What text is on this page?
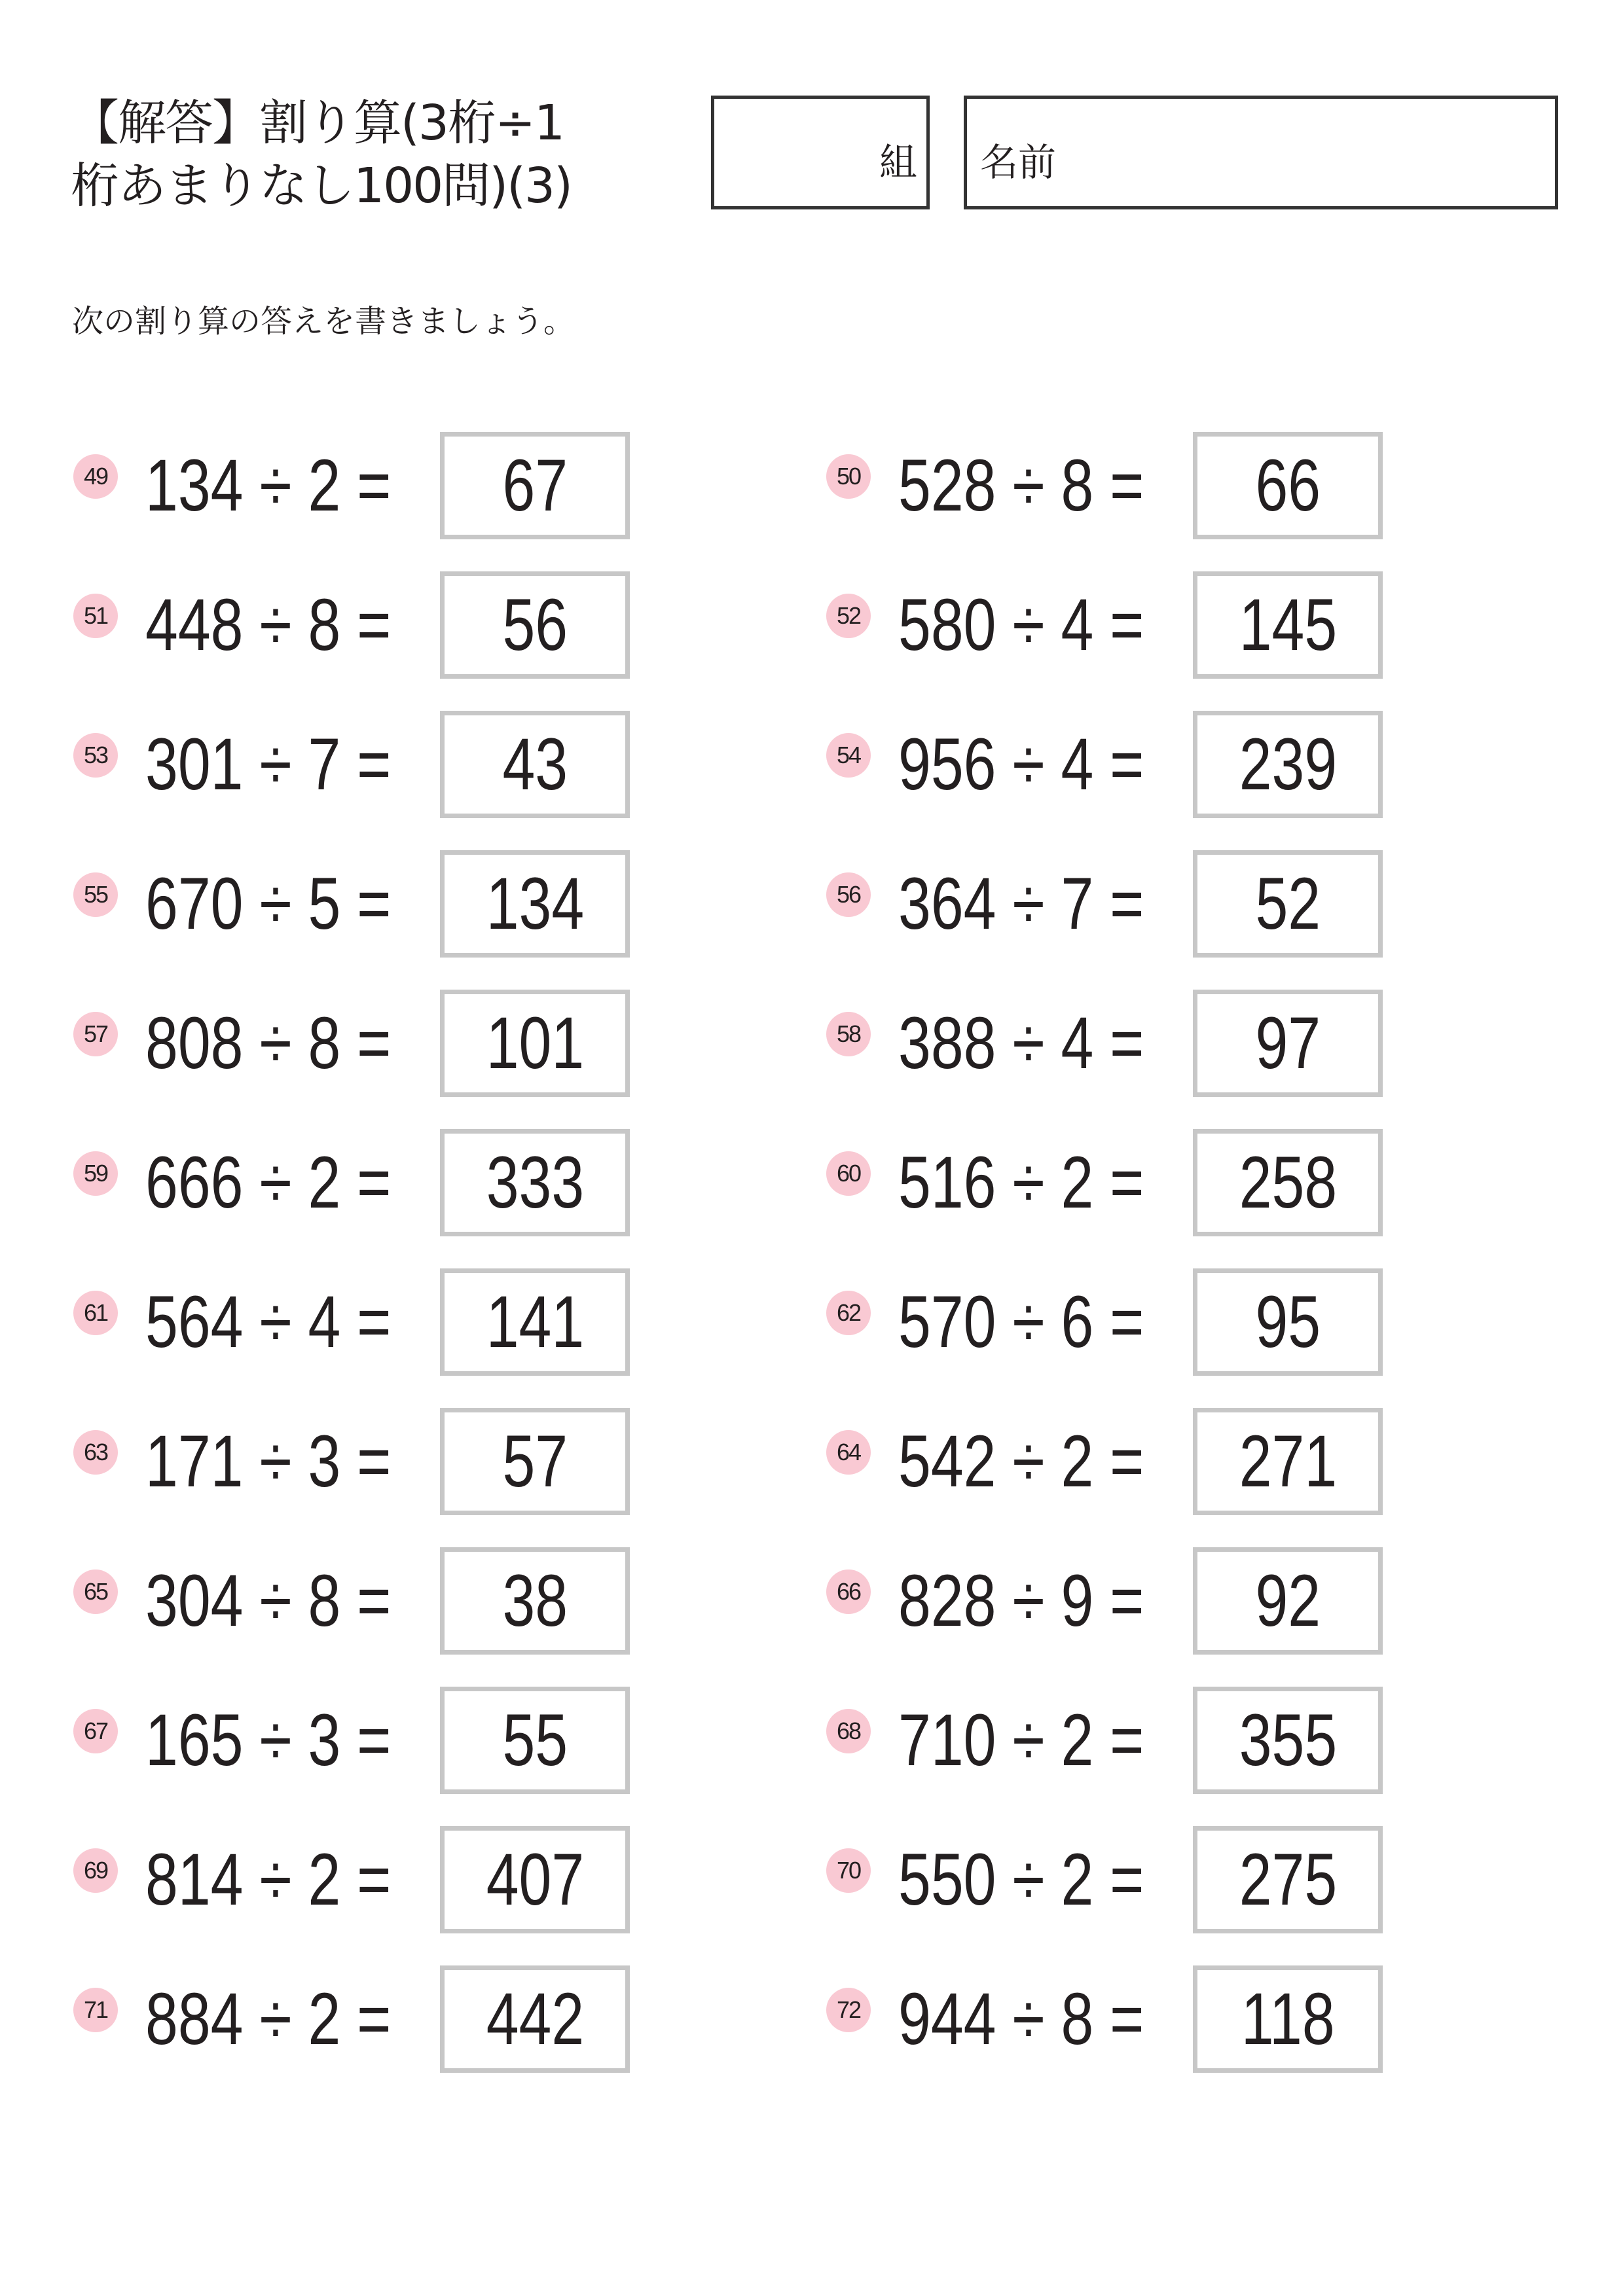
【解答】割り算(3桁÷1
桁あまりなし100問)(3)	組 名前
次の割り算の答えを書きましょう。
49 134 ÷ 2 =	67	50 528 ÷ 8 =	66
51 448 ÷ 8 =	56	52 580 ÷ 4 =	145
53 301 ÷ 7 =	43	54 956 ÷ 4 =	239
55 670 ÷ 5 =	134	56 364 ÷ 7 =	52
57 808 ÷ 8 =	101	58 388 ÷ 4 =	97
59 666 ÷ 2 =	333	60 516 ÷ 2 =	258
61 564 ÷ 4 =	141	62 570 ÷ 6 =	95
63 171 ÷ 3 =	57	64 542 ÷ 2 =	271
65 304 ÷ 8 =	38	66 828 ÷ 9 =	92
67 165 ÷ 3 =	55	68 710 ÷ 2 =	355
69 814 ÷ 2 =	407	70 550 ÷ 2 =	275
71 884 ÷ 2 =	442	72 944 ÷ 8 =	118
